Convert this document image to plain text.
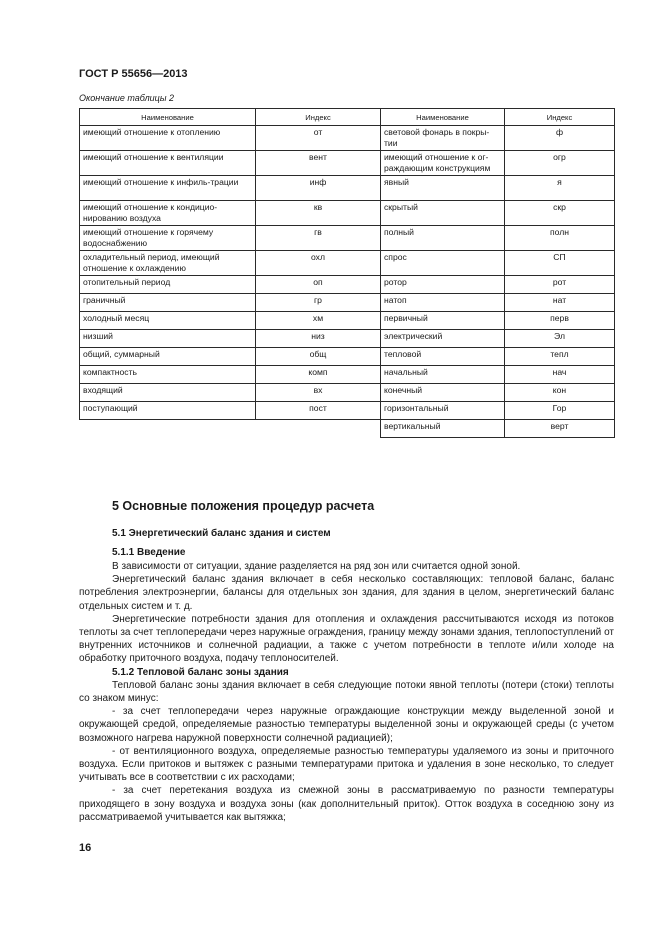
ГОСТ Р 55656—2013
Окончание таблицы 2
Наименование	Индекс	Наименование	Индекс
имеющий отношение к отоплению	от	световой фонарь в покры-тии	ф
имеющий отношение к вентиляции	вент	имеющий отношение к ог-раждающим конструкциям	огр
имеющий отношение к инфиль-трации	инф	явный	я
имеющий отношение к кондицио-нированию воздуха	кв	скрытый	скр
имеющий отношение к горячему водоснабжению	гв	полный	полн
охладительный период, имеющий отношение к охлаждению	охл	спрос	СП
отопительный период	оп	ротор	рот
граничный	гр	натоп	нат
холодный месяц	хм	первичный	перв
низший	низ	электрический	Эл
общий, суммарный	общ	тепловой	тепл
компактность	комп	начальный	нач
входящий	вх	конечный	кон
поступающий	пост	горизонтальный	Гор
		вертикальный	верт
5 Основные положения процедур расчета
5.1 Энергетический баланс здания и систем
5.1.1 Введение

В зависимости от ситуации, здание разделяется на ряд зон или считается одной зоной.

Энергетический баланс здания включает в себя несколько составляющих: тепловой баланс, баланс потребления электроэнергии, балансы для отдельных зон здания, для здания в целом, энергетический баланс отдельных систем и т. д.

Энергетические потребности здания для отопления и охлаждения рассчитываются исходя из потоков теплоты за счет теплопередачи через наружные ограждения, границу между зонами здания, теплопоступлений от внутренних источников и солнечной радиации, а также с учетом потребности в теплоте и/или холоде на обработку приточного воздуха, подачу теплоносителей.

5.1.2 Тепловой баланс зоны здания

Тепловой баланс зоны здания включает в себя следующие потоки явной теплоты (потери (стоки) теплоты со знаком минус:

- за счет теплопередачи через наружные ограждающие конструкции между выделенной зоной и окружающей средой, определяемые разностью температуры выделенной зоны и окружающей среды (с учетом возможного нагрева наружной поверхности солнечной радиацией);

- от вентиляционного воздуха, определяемые разностью температуры удаляемого из зоны и приточного воздуха. Если притоков и вытяжек с разными температурами притока и удаления в зоне несколько, то следует учитывать все в соответствии с их расходами;

- за счет перетекания воздуха из смежной зоны в рассматриваемую по разности температуры приходящего в зону воздуха и воздуха зоны (как дополнительный приток). Отток воздуха в соседнюю зону из рассматриваемой учитывается как вытяжка;

16
